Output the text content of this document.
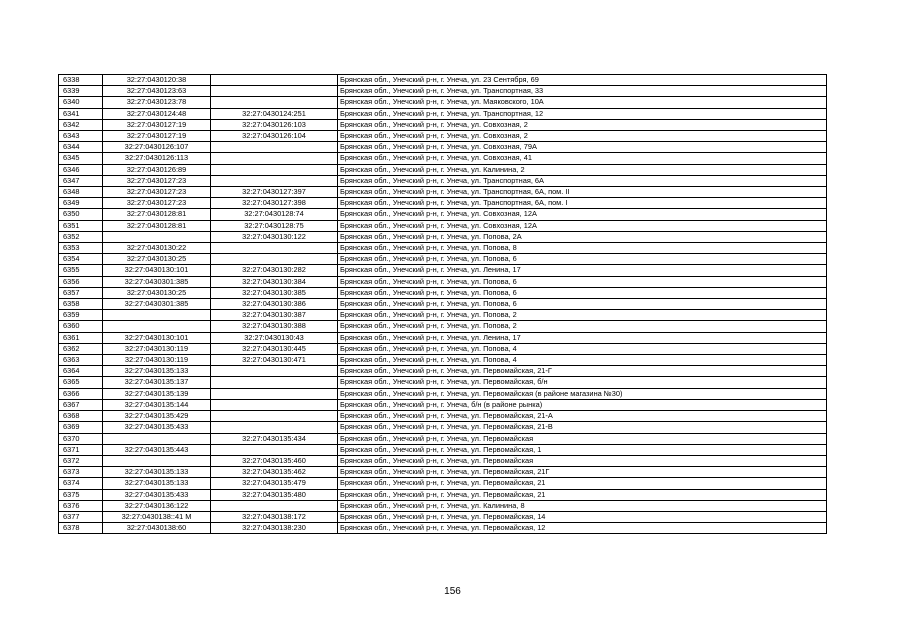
6338	32:27:0430120:38		Брянская обл., Унечский р-н, г. Унеча, ул. 23 Сентября, 69
6339	32:27:0430123:63		Брянская обл., Унечский р-н, г. Унеча, ул. Транспортная, 33
6340	32:27:0430123:78		Брянская обл., Унечский р-н, г. Унеча, ул. Маяковского, 10А
6341	32:27:0430124:48	32:27:0430124:251	Брянская обл., Унечский р-н, г. Унеча, ул. Транспортная, 12
6342	32:27:0430127:19	32:27:0430126:103	Брянская обл., Унечский р-н, г. Унеча, ул. Совхозная, 2
6343	32:27:0430127:19	32:27:0430126:104	Брянская обл., Унечский р-н, г. Унеча, ул. Совхозная, 2
6344	32:27:0430126:107		Брянская обл., Унечский р-н, г. Унеча, ул. Совхозная, 79А
6345	32:27:0430126:113		Брянская обл., Унечский р-н, г. Унеча, ул. Совхозная, 41
6346	32:27:0430126:89		Брянская обл., Унечский р-н, г. Унеча, ул. Калинина, 2
6347	32:27:0430127:23		Брянская обл., Унечский р-н, г. Унеча, ул. Транспортная, 6А
6348	32:27:0430127:23	32:27:0430127:397	Брянская обл., Унечский р-н, г. Унеча, ул. Транспортная, 6А, пом. II
6349	32:27:0430127:23	32:27:0430127:398	Брянская обл., Унечский р-н, г. Унеча, ул. Транспортная, 6А, пом. I
6350	32:27:0430128:81	32:27:0430128:74	Брянская обл., Унечский р-н, г. Унеча, ул. Совхозная, 12А
6351	32:27:0430128:81	32:27:0430128:75	Брянская обл., Унечский р-н, г. Унеча, ул. Совхозная, 12А
6352		32:27:0430130:122	Брянская обл., Унечский р-н, г. Унеча, ул. Попова, 2А
6353	32:27:0430130:22		Брянская обл., Унечский р-н, г. Унеча, ул. Попова, 8
6354	32:27:0430130:25		Брянская обл., Унечский р-н, г. Унеча, ул. Попова, 6
6355	32:27:0430130:101	32:27:0430130:282	Брянская обл., Унечский р-н, г. Унеча, ул. Ленина, 17
6356	32:27:0430301:385	32:27:0430130:384	Брянская обл., Унечский р-н, г. Унеча, ул. Попова, 6
6357	32:27:0430130:25	32:27:0430130:385	Брянская обл., Унечский р-н, г. Унеча, ул. Попова, 6
6358	32:27:0430301:385	32:27:0430130:386	Брянская обл., Унечский р-н, г. Унеча, ул. Попова, 6
6359		32:27:0430130:387	Брянская обл., Унечский р-н, г. Унеча, ул. Попова, 2
6360		32:27:0430130:388	Брянская обл., Унечский р-н, г. Унеча, ул. Попова, 2
6361	32:27:0430130:101	32:27:0430130:43	Брянская обл., Унечский р-н, г. Унеча, ул. Ленина, 17
6362	32:27:0430130:119	32:27:0430130:445	Брянская обл., Унечский р-н, г. Унеча, ул. Попова, 4
6363	32:27:0430130:119	32:27:0430130:471	Брянская обл., Унечский р-н, г. Унеча, ул. Попова, 4
6364	32:27:0430135:133		Брянская обл., Унечский р-н, г. Унеча, ул. Первомайская, 21-Г
6365	32:27:0430135:137		Брянская обл., Унечский р-н, г. Унеча, ул. Первомайская, б/н
6366	32:27:0430135:139		Брянская обл., Унечский р-н, г. Унеча, ул. Первомайская (в районе магазина №30)
6367	32:27:0430135:144		Брянская обл., Унечский р-н, г. Унеча, б/н (в районе рынка)
6368	32:27:0430135:429		Брянская обл., Унечский р-н, г. Унеча, ул. Первомайская, 21-А
6369	32:27:0430135:433		Брянская обл., Унечский р-н, г. Унеча, ул. Первомайская, 21-В
6370		32:27:0430135:434	Брянская обл., Унечский р-н, г. Унеча, ул. Первомайская
6371	32:27:0430135:443		Брянская обл., Унечский р-н, г. Унеча, ул. Первомайская, 1
6372		32:27:0430135:460	Брянская обл., Унечский р-н, г. Унеча, ул. Первомайская
6373	32:27:0430135:133	32:27:0430135:462	Брянская обл., Унечский р-н, г. Унеча, ул. Первомайская, 21Г
6374	32:27:0430135:133	32:27:0430135:479	Брянская обл., Унечский р-н, г. Унеча, ул. Первомайская, 21
6375	32:27:0430135:433	32:27:0430135:480	Брянская обл., Унечский р-н, г. Унеча, ул. Первомайская, 21
6376	32:27:0430136:122		Брянская обл., Унечский р-н, г. Унеча, ул. Калинина, 8
6377	32:27:0430138::41 М	32:27:0430138:172	Брянская обл., Унечский р-н, г. Унеча, ул. Первомайская, 14
6378	32:27:0430138:60	32:27:0430138:230	Брянская обл., Унечский р-н, г. Унеча, ул. Первомайская, 12
156
